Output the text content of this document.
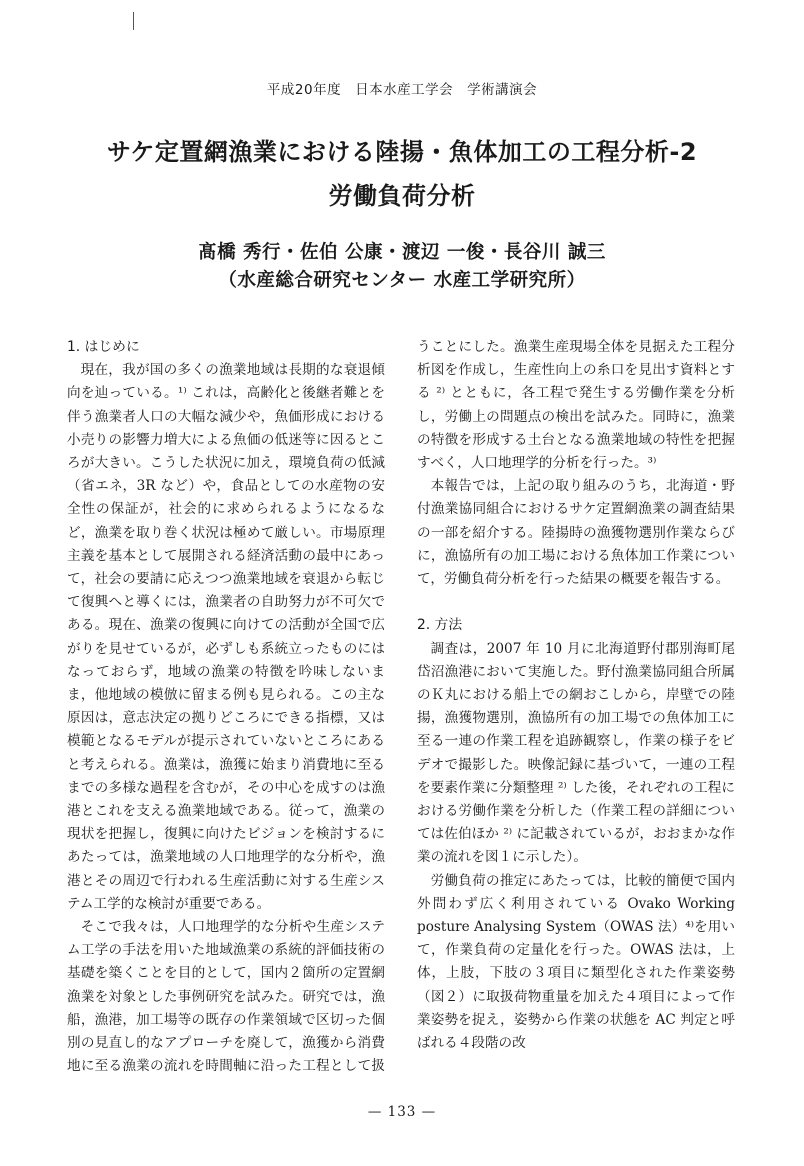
平成20年度　日本水産工学会　学術講演会
サケ定置網漁業における陸揚・魚体加工の工程分析-2
労働負荷分析
髙橋 秀行・佐伯 公康・渡辺 一俊・長谷川 誠三
（水産総合研究センター 水産工学研究所）
— 133 —

1. はじめに

現在，我が国の多くの漁業地域は長期的な衰退傾向を辿っている。¹⁾ これは，高齢化と後継者難とを伴う漁業者人口の大幅な減少や，魚価形成における小売りの影響力増大による魚価の低迷等に因るところが大きい。こうした状況に加え，環境負荷の低減（省エネ，3R など）や，食品としての水産物の安全性の保証が，社会的に求められるようになるなど，漁業を取り巻く状況は極めて厳しい。市場原理主義を基本として展開される経済活動の最中にあって，社会の要請に応えつつ漁業地域を衰退から転じて復興へと導くには，漁業者の自助努力が不可欠である。現在、漁業の復興に向けての活動が全国で広がりを見せているが，必ずしも系統立ったものにはなっておらず，地域の漁業の特徴を吟味しないまま，他地域の模倣に留まる例も見られる。この主な原因は，意志決定の拠りどころにできる指標，又は模範となるモデルが提示されていないところにあると考えられる。漁業は，漁獲に始まり消費地に至るまでの多様な過程を含むが，その中心を成すのは漁港とこれを支える漁業地域である。従って，漁業の現状を把握し，復興に向けたビジョンを検討するにあたっては，漁業地域の人口地理学的な分析や，漁港とその周辺で行われる生産活動に対する生産システム工学的な検討が重要である。

そこで我々は，人口地理学的な分析や生産システム工学の手法を用いた地域漁業の系統的評価技術の基礎を築くことを目的として，国内２箇所の定置網漁業を対象とした事例研究を試みた。研究では，漁船，漁港，加工場等の既存の作業領域で区切った個別の見直し的なアプローチを廃して，漁獲から消費地に至る漁業の流れを時間軸に沿った工程として扱うことにした。漁業生産現場全体を見据えた工程分析図を作成し，生産性向上の糸口を見出す資料とする ²⁾ とともに，各工程で発生する労働作業を分析し，労働上の問題点の検出を試みた。同時に，漁業の特徴を形成する土台となる漁業地域の特性を把握すべく，人口地理学的分析を行った。³⁾

本報告では，上記の取り組みのうち，北海道・野付漁業協同組合におけるサケ定置網漁業の調査結果の一部を紹介する。陸揚時の漁獲物選別作業ならびに，漁協所有の加工場における魚体加工作業について，労働負荷分析を行った結果の概要を報告する。

2. 方法

調査は，2007 年 10 月に北海道野付郡別海町尾岱沼漁港において実施した。野付漁業協同組合所属のＫ丸における船上での網おこしから，岸壁での陸揚，漁獲物選別，漁協所有の加工場での魚体加工に至る一連の作業工程を追跡観察し，作業の様子をビデオで撮影した。映像記録に基づいて，一連の工程を要素作業に分類整理 ²⁾ した後，それぞれの工程における労働作業を分析した（作業工程の詳細については佐伯ほか ²⁾ に記載されているが，おおまかな作業の流れを図１に示した）。

労働負荷の推定にあたっては，比較的簡便で国内外問わず広く利用されている Ovako Working posture Analysing System（OWAS 法）⁴⁾を用いて，作業負荷の定量化を行った。OWAS 法は，上体，上肢，下肢の３項目に類型化された作業姿勢（図２）に取扱荷物重量を加えた４項目によって作業姿勢を捉え，姿勢から作業の状態を AC 判定と呼ばれる４段階の改
